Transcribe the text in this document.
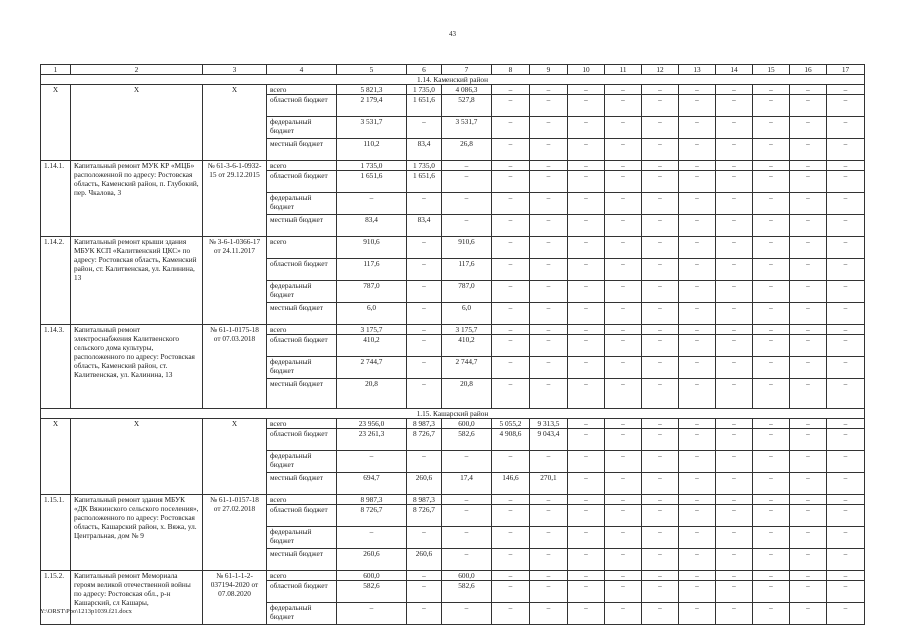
43
1	2	3	4	5	6	7	8	9	10	11	12	13	14	15	16	17
1.14. Каменский район																
X	X	X	всего	5 821,3	1 735,0	4 086,3	–	–	–	–	–	–	–	–	–	–
			областной бюджет	2 179,4	1 651,6	527,8	–	–	–	–	–	–	–	–	–	–
			федеральный бюджет	3 531,7	–	3 531,7	–	–	–	–	–	–	–	–	–	–
			местный бюджет	110,2	83,4	26,8	–	–	–	–	–	–	–	–	–	–
1.14.1.	Капитальный ремонт МУК КР «МЦБ» расположенной по адресу: Ростовская область, Каменский район, п. Глубокий, пер. Чкалова, 3	№ 61-3-6-1-0932-15 от 29.12.2015	всего	1 735,0	1 735,0	–	–	–	–	–	–	–	–	–	–	–
			областной бюджет	1 651,6	1 651,6	–	–	–	–	–	–	–	–	–	–	–
			федеральный бюджет	–	–	–	–	–	–	–	–	–	–	–	–	–
			местный бюджет	83,4	83,4	–	–	–	–	–	–	–	–	–	–	–
1.14.2.	Капитальный ремонт крыши здания МБУК КСП «Калитвенский ЦКС» по адресу: Ростовская область, Каменский район, ст. Калитвенская, ул. Калинина, 13	№ 3-6-1-0366-17 от 24.11.2017	всего	910,6	–	910,6	–	–	–	–	–	–	–	–	–	–
			областной бюджет	117,6	–	117,6	–	–	–	–	–	–	–	–	–	–
			федеральный бюджет	787,0	–	787,0	–	–	–	–	–	–	–	–	–	–
			местный бюджет	6,0	–	6,0	–	–	–	–	–	–	–	–	–	–
1.14.3.	Капитальный ремонт электроснабжения Калитвенского сельского дома культуры, расположенного по адресу: Ростовская область, Каменский район, ст. Калитвенская, ул. Калинина, 13	№ 61-1-0175-18 от 07.03.2018	всего	3 175,7	–	3 175,7	–	–	–	–	–	–	–	–	–	–
			областной бюджет	410,2	–	410,2	–	–	–	–	–	–	–	–	–	–
			федеральный бюджет	2 744,7	–	2 744,7	–	–	–	–	–	–	–	–	–	–
			местный бюджет	20,8	–	20,8	–	–	–	–	–	–	–	–	–	–
1.15. Кашарский район																
X	X	X	всего	23 956,0	8 987,3	600,0	5 055,2	9 313,5	–	–	–	–	–	–	–	–
			областной бюджет	23 261,3	8 726,7	582,6	4 908,6	9 043,4	–	–	–	–	–	–	–	–
			федеральный бюджет	–	–	–	–	–	–	–	–	–	–	–	–	–
			местный бюджет	694,7	260,6	17,4	146,6	270,1	–	–	–	–	–	–	–	–
1.15.1.	Капитальный ремонт здания МБУК «ДК Вяжинского сельского поселения», расположенного по адресу: Ростовская область, Кашарский район, х. Вяжа, ул. Центральная, дом № 9	№ 61-1-0157-18 от 27.02.2018	всего	8 987,3	8 987,3	–	–	–	–	–	–	–	–	–	–	–
			областной бюджет	8 726,7	8 726,7	–	–	–	–	–	–	–	–	–	–	–
			федеральный бюджет	–	–	–	–	–	–	–	–	–	–	–	–	–
			местный бюджет	260,6	260,6	–	–	–	–	–	–	–	–	–	–	–
1.15.2.	Капитальный ремонт Мемориала героям великой отечественной войны по адресу: Ростовская обл., р-н Кашарский, сл Кашары,	№ 61-1-1-2-037194-2020 от 07.08.2020	всего	600,0	–	600,0	–	–	–	–	–	–	–	–	–	–
			областной бюджет	582,6	–	582,6	–	–	–	–	–	–	–	–	–	–
			федеральный бюджет	–	–	–	–	–	–	–	–	–	–	–	–	–
Y:\ORST\Ppo\1213p1039.f21.docx
